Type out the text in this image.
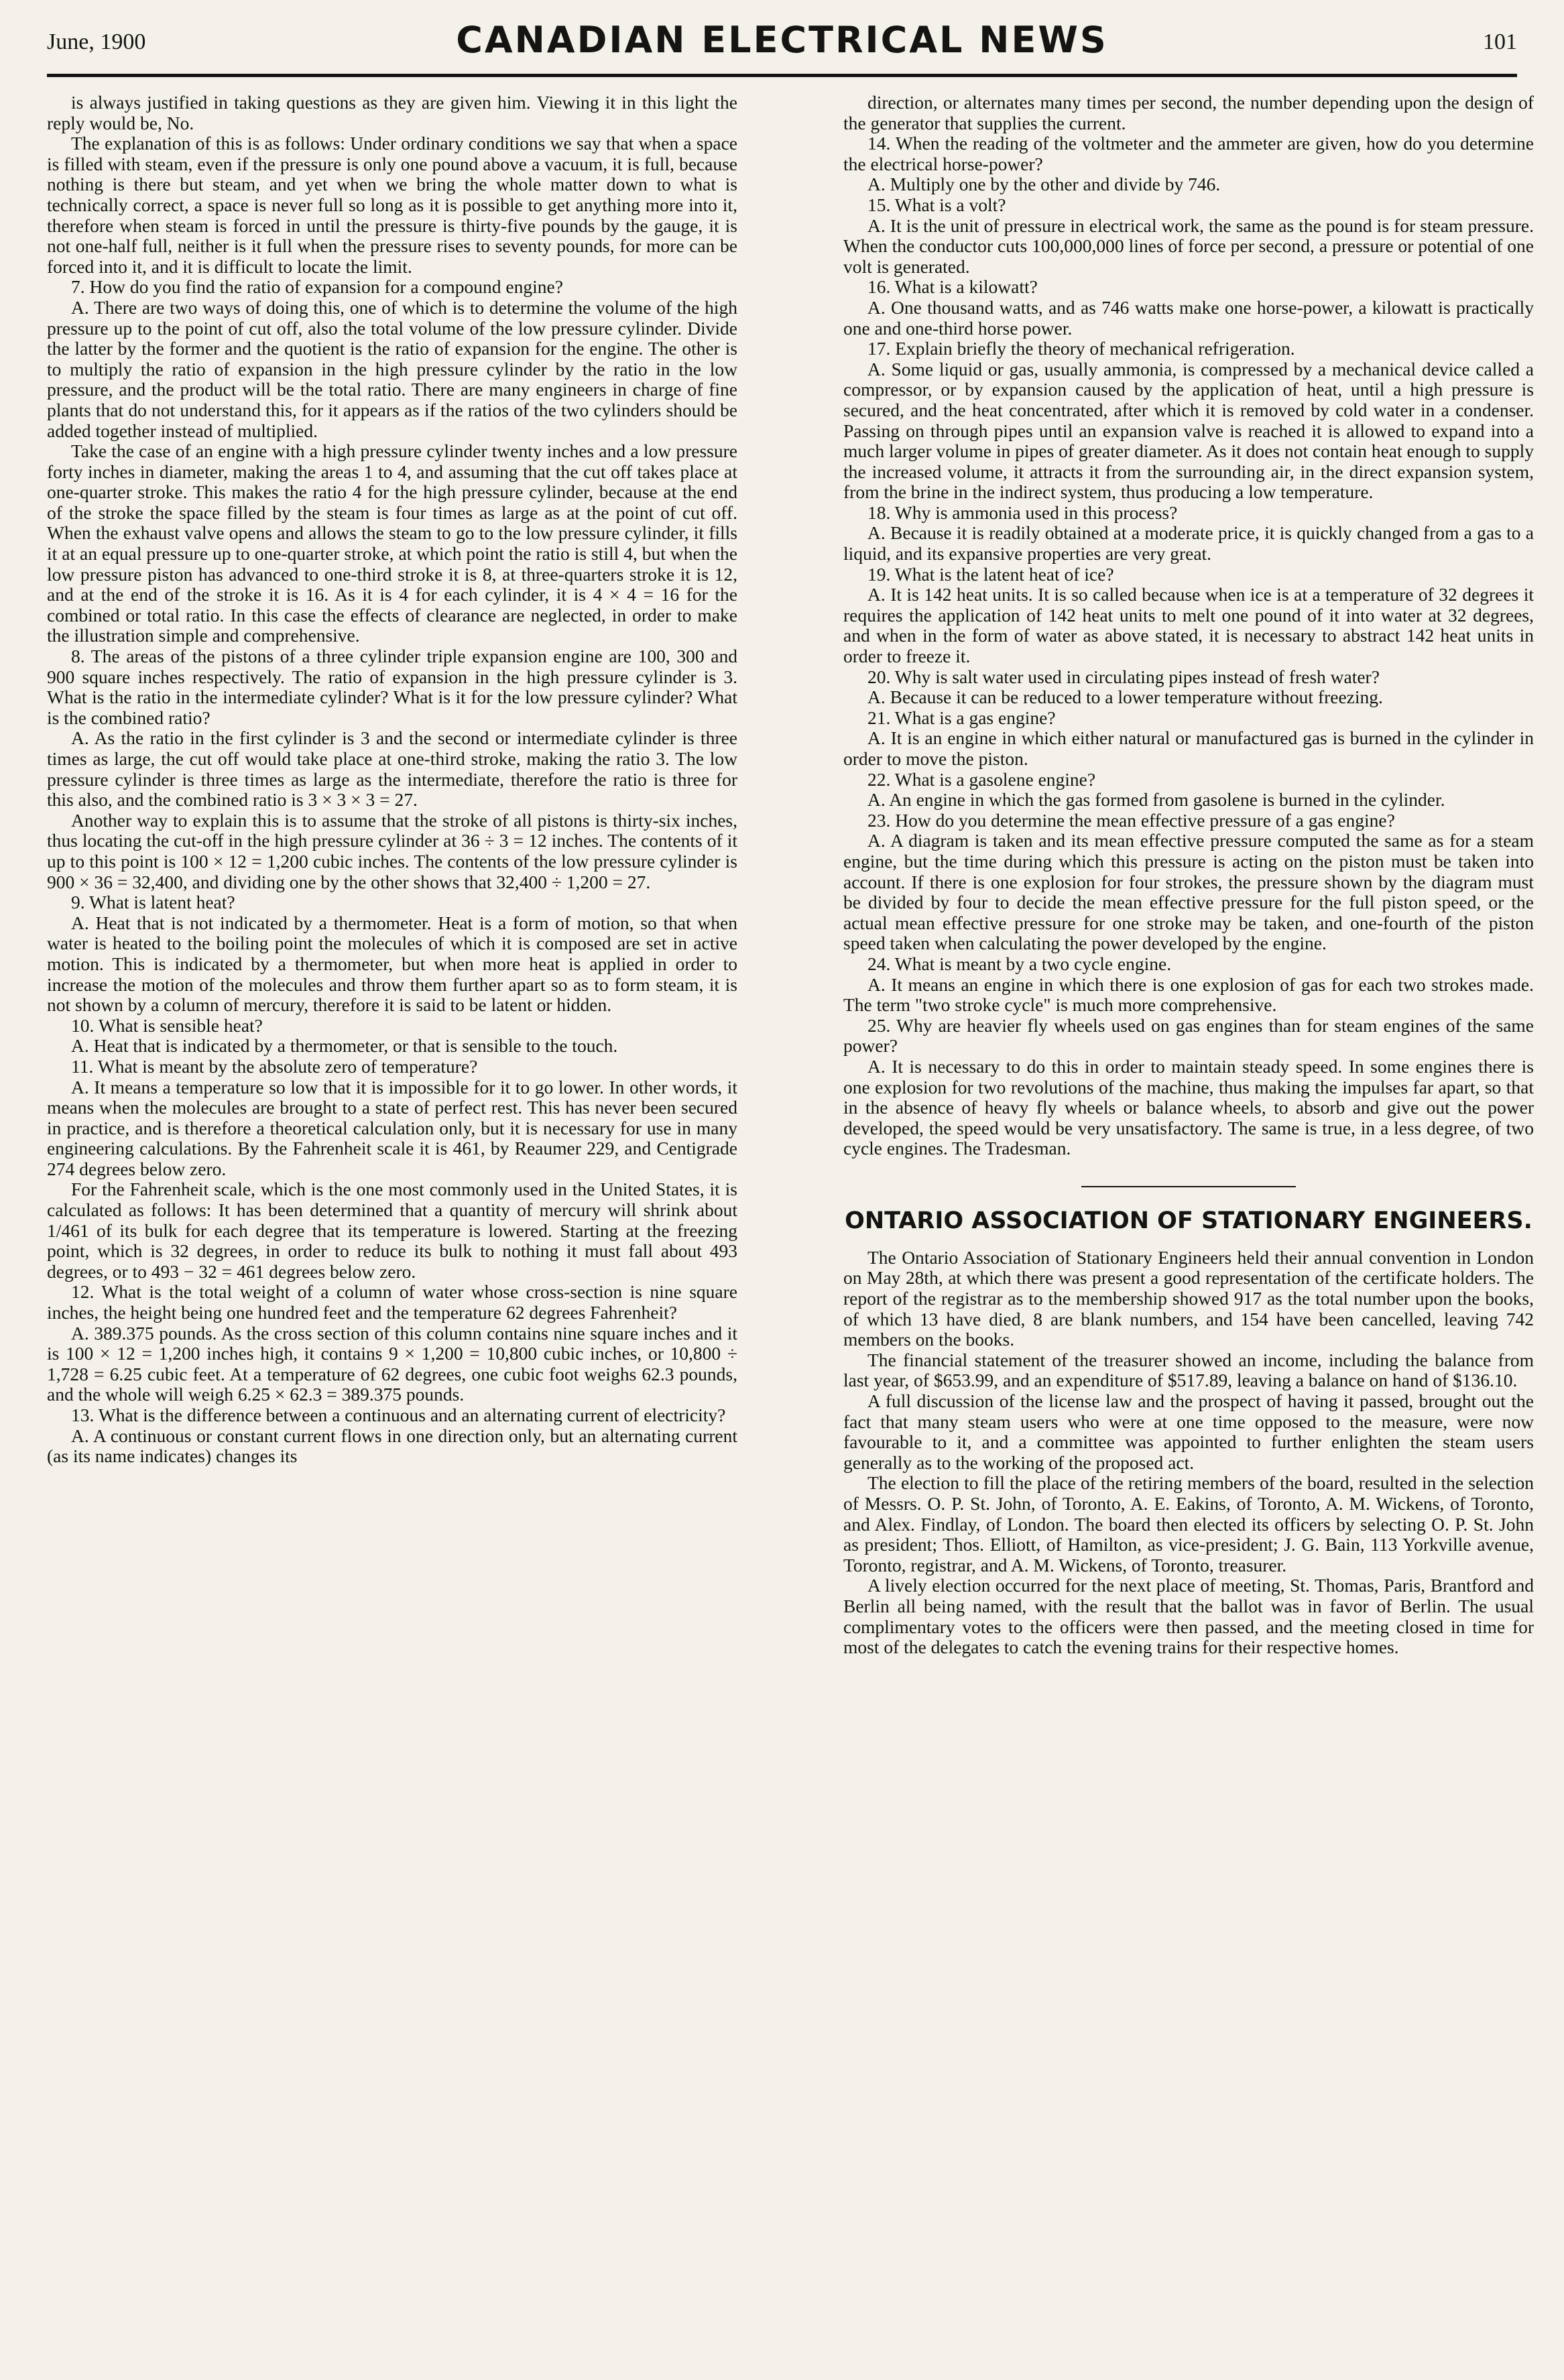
June, 1900	CANADIAN ELECTRICAL NEWS	101

is always justified in taking questions as they are given him. Viewing it in this light the reply would be, No.

The explanation of this is as follows: Under ordinary conditions we say that when a space is filled with steam, even if the pressure is only one pound above a vacuum, it is full, because nothing is there but steam, and yet when we bring the whole matter down to what is technically correct, a space is never full so long as it is possible to get anything more into it, therefore when steam is forced in until the pressure is thirty-five pounds by the gauge, it is not one-half full, neither is it full when the pressure rises to seventy pounds, for more can be forced into it, and it is difficult to locate the limit.

7. How do you find the ratio of expansion for a compound engine?

A. There are two ways of doing this, one of which is to determine the volume of the high pressure up to the point of cut off, also the total volume of the low pressure cylinder. Divide the latter by the former and the quotient is the ratio of expansion for the engine. The other is to multiply the ratio of expansion in the high pressure cylinder by the ratio in the low pressure, and the product will be the total ratio. There are many engineers in charge of fine plants that do not understand this, for it appears as if the ratios of the two cylinders should be added together instead of multiplied.

Take the case of an engine with a high pressure cylinder twenty inches and a low pressure forty inches in diameter, making the areas 1 to 4, and assuming that the cut off takes place at one-quarter stroke. This makes the ratio 4 for the high pressure cylinder, because at the end of the stroke the space filled by the steam is four times as large as at the point of cut off. When the exhaust valve opens and allows the steam to go to the low pressure cylinder, it fills it at an equal pressure up to one-quarter stroke, at which point the ratio is still 4, but when the low pressure piston has advanced to one-third stroke it is 8, at three-quarters stroke it is 12, and at the end of the stroke it is 16. As it is 4 for each cylinder, it is 4 × 4 = 16 for the combined or total ratio. In this case the effects of clearance are neglected, in order to make the illustration simple and comprehensive.

8. The areas of the pistons of a three cylinder triple expansion engine are 100, 300 and 900 square inches respectively. The ratio of expansion in the high pressure cylinder is 3. What is the ratio in the intermediate cylinder? What is it for the low pressure cylinder? What is the combined ratio?

A. As the ratio in the first cylinder is 3 and the second or intermediate cylinder is three times as large, the cut off would take place at one-third stroke, making the ratio 3. The low pressure cylinder is three times as large as the intermediate, therefore the ratio is three for this also, and the combined ratio is 3 × 3 × 3 = 27.

Another way to explain this is to assume that the stroke of all pistons is thirty-six inches, thus locating the cut-off in the high pressure cylinder at 36 ÷ 3 = 12 inches. The contents of it up to this point is 100 × 12 = 1,200 cubic inches. The contents of the low pressure cylinder is 900 × 36 = 32,400, and dividing one by the other shows that 32,400 ÷ 1,200 = 27.

9. What is latent heat?

A. Heat that is not indicated by a thermometer. Heat is a form of motion, so that when water is heated to the boiling point the molecules of which it is composed are set in active motion. This is indicated by a thermometer, but when more heat is applied in order to increase the motion of the molecules and throw them further apart so as to form steam, it is not shown by a column of mercury, therefore it is said to be latent or hidden.

10. What is sensible heat?

A. Heat that is indicated by a thermometer, or that is sensible to the touch.

11. What is meant by the absolute zero of temperature?

A. It means a temperature so low that it is impossible for it to go lower. In other words, it means when the molecules are brought to a state of perfect rest. This has never been secured in practice, and is therefore a theoretical calculation only, but it is necessary for use in many engineering calculations. By the Fahrenheit scale it is 461, by Reaumer 229, and Centigrade 274 degrees below zero.

For the Fahrenheit scale, which is the one most commonly used in the United States, it is calculated as follows: It has been determined that a quantity of mercury will shrink about 1/461 of its bulk for each degree that its temperature is lowered. Starting at the freezing point, which is 32 degrees, in order to reduce its bulk to nothing it must fall about 493 degrees, or to 493 − 32 = 461 degrees below zero.

12. What is the total weight of a column of water whose cross-section is nine square inches, the height being one hundred feet and the temperature 62 degrees Fahrenheit?

A. 389.375 pounds. As the cross section of this column contains nine square inches and it is 100 × 12 = 1,200 inches high, it contains 9 × 1,200 = 10,800 cubic inches, or 10,800 ÷ 1,728 = 6.25 cubic feet. At a temperature of 62 degrees, one cubic foot weighs 62.3 pounds, and the whole will weigh 6.25 × 62.3 = 389.375 pounds.

13. What is the difference between a continuous and an alternating current of electricity?

A. A continuous or constant current flows in one direction only, but an alternating current (as its name indicates) changes its

direction, or alternates many times per second, the number depending upon the design of the generator that supplies the current.

14. When the reading of the voltmeter and the ammeter are given, how do you determine the electrical horse-power?

A. Multiply one by the other and divide by 746.

15. What is a volt?

A. It is the unit of pressure in electrical work, the same as the pound is for steam pressure. When the conductor cuts 100,000,000 lines of force per second, a pressure or potential of one volt is generated.

16. What is a kilowatt?

A. One thousand watts, and as 746 watts make one horse-power, a kilowatt is practically one and one-third horse power.

17. Explain briefly the theory of mechanical refrigeration.

A. Some liquid or gas, usually ammonia, is compressed by a mechanical device called a compressor, or by expansion caused by the application of heat, until a high pressure is secured, and the heat concentrated, after which it is removed by cold water in a condenser. Passing on through pipes until an expansion valve is reached it is allowed to expand into a much larger volume in pipes of greater diameter. As it does not contain heat enough to supply the increased volume, it attracts it from the surrounding air, in the direct expansion system, from the brine in the indirect system, thus producing a low temperature.

18. Why is ammonia used in this process?

A. Because it is readily obtained at a moderate price, it is quickly changed from a gas to a liquid, and its expansive properties are very great.

19. What is the latent heat of ice?

A. It is 142 heat units. It is so called because when ice is at a temperature of 32 degrees it requires the application of 142 heat units to melt one pound of it into water at 32 degrees, and when in the form of water as above stated, it is necessary to abstract 142 heat units in order to freeze it.

20. Why is salt water used in circulating pipes instead of fresh water?

A. Because it can be reduced to a lower temperature without freezing.

21. What is a gas engine?

A. It is an engine in which either natural or manufactured gas is burned in the cylinder in order to move the piston.

22. What is a gasolene engine?

A. An engine in which the gas formed from gasolene is burned in the cylinder.

23. How do you determine the mean effective pressure of a gas engine?

A. A diagram is taken and its mean effective pressure computed the same as for a steam engine, but the time during which this pressure is acting on the piston must be taken into account. If there is one explosion for four strokes, the pressure shown by the diagram must be divided by four to decide the mean effective pressure for the full piston speed, or the actual mean effective pressure for one stroke may be taken, and one-fourth of the piston speed taken when calculating the power developed by the engine.

24. What is meant by a two cycle engine.

A. It means an engine in which there is one explosion of gas for each two strokes made. The term "two stroke cycle" is much more comprehensive.

25. Why are heavier fly wheels used on gas engines than for steam engines of the same power?

A. It is necessary to do this in order to maintain steady speed. In some engines there is one explosion for two revolutions of the machine, thus making the impulses far apart, so that in the absence of heavy fly wheels or balance wheels, to absorb and give out the power developed, the speed would be very unsatisfactory. The same is true, in a less degree, of two cycle engines. The Tradesman.

ONTARIO ASSOCIATION OF STATIONARY ENGINEERS.

The Ontario Association of Stationary Engineers held their annual convention in London on May 28th, at which there was present a good representation of the certificate holders. The report of the registrar as to the membership showed 917 as the total number upon the books, of which 13 have died, 8 are blank numbers, and 154 have been cancelled, leaving 742 members on the books.

The financial statement of the treasurer showed an income, including the balance from last year, of $653.99, and an expenditure of $517.89, leaving a balance on hand of $136.10.

A full discussion of the license law and the prospect of having it passed, brought out the fact that many steam users who were at one time opposed to the measure, were now favourable to it, and a committee was appointed to further enlighten the steam users generally as to the working of the proposed act.

The election to fill the place of the retiring members of the board, resulted in the selection of Messrs. O. P. St. John, of Toronto, A. E. Eakins, of Toronto, A. M. Wickens, of Toronto, and Alex. Findlay, of London. The board then elected its officers by selecting O. P. St. John as president; Thos. Elliott, of Hamilton, as vice-president; J. G. Bain, 113 Yorkville avenue, Toronto, registrar, and A. M. Wickens, of Toronto, treasurer.

A lively election occurred for the next place of meeting, St. Thomas, Paris, Brantford and Berlin all being named, with the result that the ballot was in favor of Berlin. The usual complimentary votes to the officers were then passed, and the meeting closed in time for most of the delegates to catch the evening trains for their respective homes.
